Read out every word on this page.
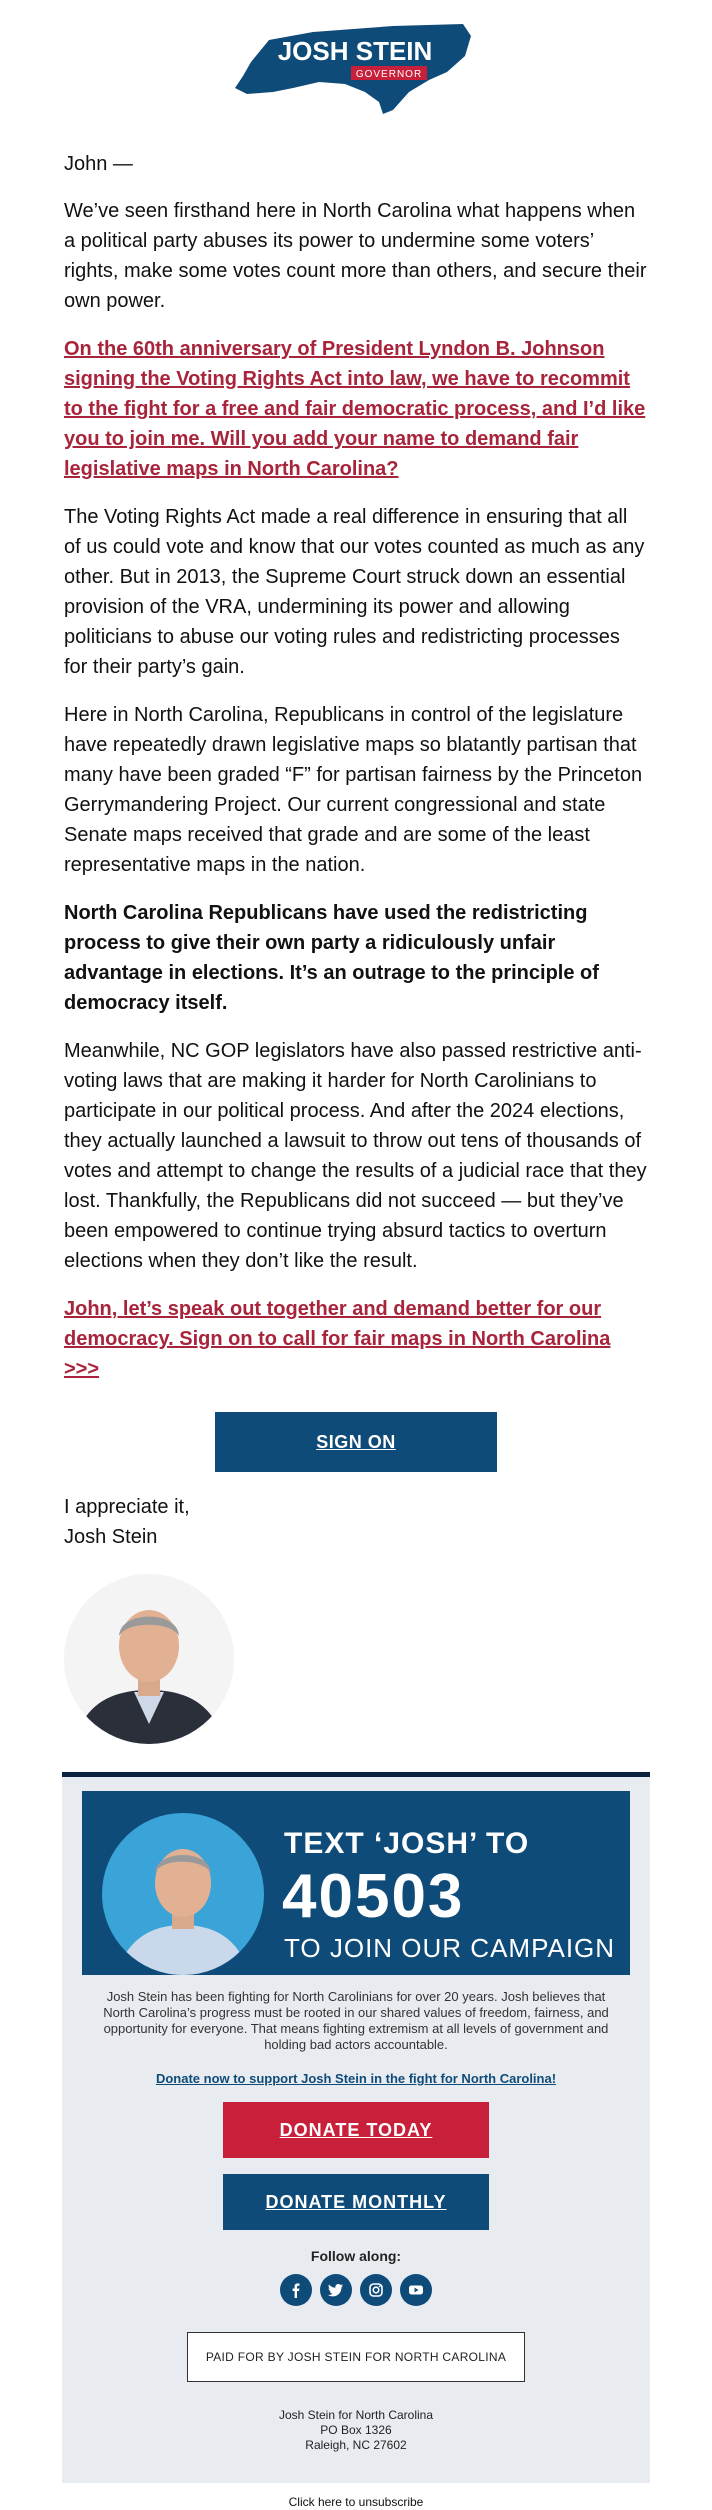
JOSH STEIN
GOVERNOR
John —

We’ve seen firsthand here in North Carolina what happens when a political party abuses its power to undermine some voters’ rights, make some votes count more than others, and secure their own power.

On the 60th anniversary of President Lyndon B. Johnson signing the Voting Rights Act into law, we have to recommit to the fight for a free and fair democratic process, and I’d like you to join me. Will you add your name to demand fair legislative maps in North Carolina?

The Voting Rights Act made a real difference in ensuring that all of us could vote and know that our votes counted as much as any other. But in 2013, the Supreme Court struck down an essential provision of the VRA, undermining its power and allowing politicians to abuse our voting rules and redistricting processes for their party’s gain.

Here in North Carolina, Republicans in control of the legislature have repeatedly drawn legislative maps so blatantly partisan that many have been graded “F” for partisan fairness by the Princeton Gerrymandering Project. Our current congressional and state Senate maps received that grade and are some of the least representative maps in the nation.

North Carolina Republicans have used the redistricting process to give their own party a ridiculously unfair advantage in elections. It’s an outrage to the principle of democracy itself.

Meanwhile, NC GOP legislators have also passed restrictive anti-voting laws that are making it harder for North Carolinians to participate in our political process. And after the 2024 elections, they actually launched a lawsuit to throw out tens of thousands of votes and attempt to change the results of a judicial race that they lost. Thankfully, the Republicans did not succeed — but they’ve been empowered to continue trying absurd tactics to overturn elections when they don’t like the result.

John, let’s speak out together and demand better for our democracy. Sign on to call for fair maps in North Carolina >>>
SIGN ON
I appreciate it,
Josh Stein
TEXT ‘JOSH’ TO
40503
TO JOIN OUR CAMPAIGN
Josh Stein has been fighting for North Carolinians for over 20 years. Josh believes that North Carolina’s progress must be rooted in our shared values of freedom, fairness, and opportunity for everyone. That means fighting extremism at all levels of government and holding bad actors accountable.
Donate now to support Josh Stein in the fight for North Carolina!
DONATE TODAY
DONATE MONTHLY
Follow along:
PAID FOR BY JOSH STEIN FOR NORTH CAROLINA
Josh Stein for North Carolina
PO Box 1326
Raleigh, NC 27602
Click here to unsubscribe
